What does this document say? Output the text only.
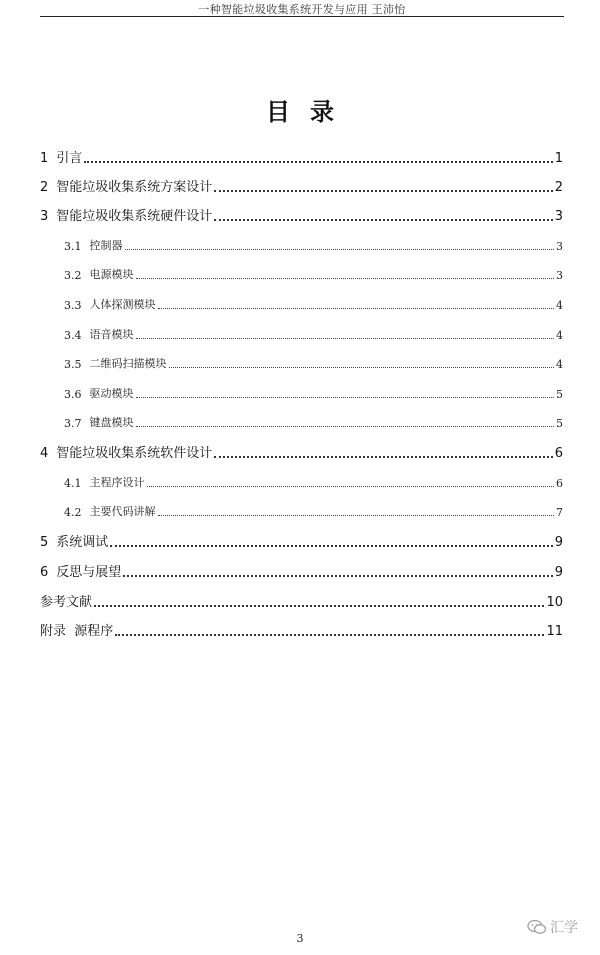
一种智能垃圾收集系统开发与应用 王沛怡
目录
1 引言	1
2 智能垃圾收集系统方案设计	2
3 智能垃圾收集系统硬件设计	3
3.1 控制器	3
3.2 电源模块	3
3.3 人体探测模块	4
3.4 语音模块	4
3.5 二维码扫描模块	4
3.6 驱动模块	5
3.7 键盘模块	5
4 智能垃圾收集系统软件设计	6
4.1 主程序设计	6
4.2 主要代码讲解	7
5 系统调试	9
6 反思与展望	9
参考文献	10
附录  源程序	11
3
汇学
